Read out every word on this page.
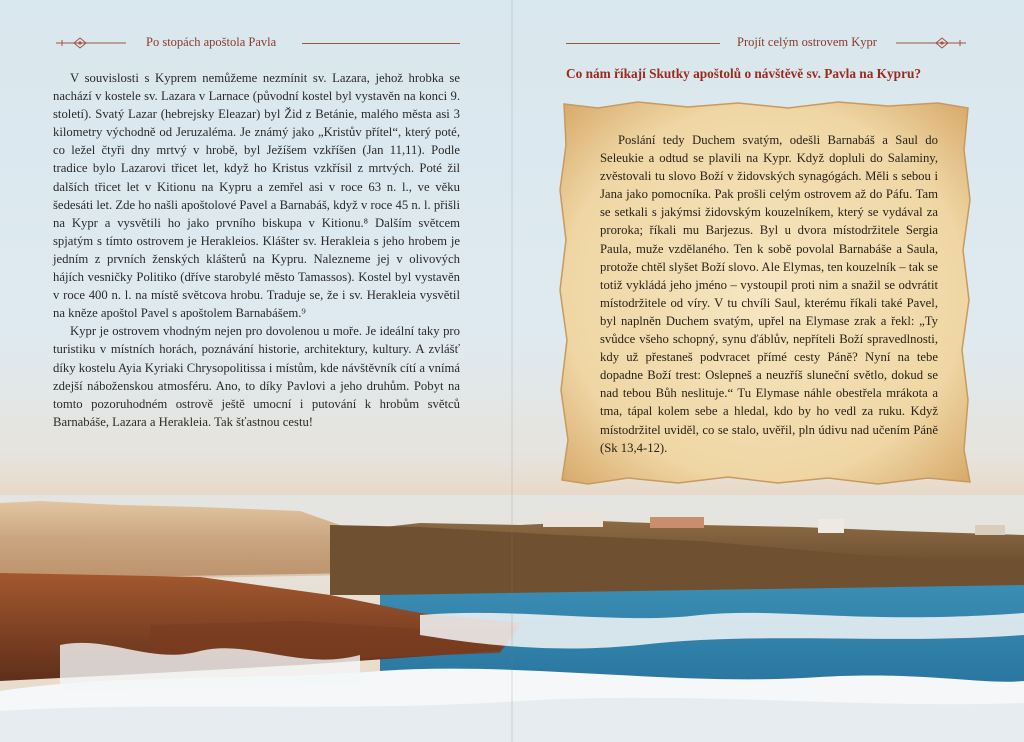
Po stopách apoštola Pavla	Projít celým ostrovem Kypr

V souvislosti s Kyprem nemůžeme nezmínit sv. Lazara, jehož hrobka se nachází v kostele sv. Lazara v Larnace (původní kostel byl vystavěn na konci 9. století). Svatý Lazar (hebrejsky Eleazar) byl Žid z Betánie, malého města asi 3 kilometry východně od Jeruzaléma. Je známý jako „Kristův přítel“, který poté, co ležel čtyři dny mrtvý v hrobě, byl Ježíšem vzkříšen (Jan 11,11). Podle tradice bylo Lazarovi třicet let, když ho Kristus vzkřísil z mrtvých. Poté žil dalších třicet let v Kitionu na Kypru a zemřel asi v roce 63 n. l., ve věku šedesáti let. Zde ho našli apoštolové Pavel a Barnabáš, když v roce 45 n. l. přišli na Kypr a vysvětili ho jako prvního biskupa v Kitionu.⁸ Dalším světcem spjatým s tímto ostrovem je Herakleios. Klášter sv. Herakleia s jeho hrobem je jedním z prvních ženských klášterů na Kypru. Nalezneme jej v olivových hájích vesničky Politiko (dříve starobylé město Tamassos). Kostel byl vystavěn v roce 400 n. l. na místě světcova hrobu. Traduje se, že i sv. Herakleia vysvětil na kněze apoštol Pavel s apoštolem Barnabášem.⁹

Kypr je ostrovem vhodným nejen pro dovolenou u moře. Je ideální taky pro turistiku v místních horách, poznávání historie, architektury, kultury. A zvlášť díky kostelu Ayia Kyriaki Chrysopolitissa i místům, kde návštěvník cítí a vnímá zdejší náboženskou atmosféru. Ano, to díky Pavlovi a jeho druhům. Pobyt na tomto pozoruhodném ostrově ještě umocní i putování k hrobům světců Barnabáše, Lazara a Herakleia. Tak šťastnou cestu!

Co nám říkají Skutky apoštolů o návštěvě sv. Pavla na Kypru?

Poslání tedy Duchem svatým, odešli Barnabáš a Saul do Seleukie a odtud se plavili na Kypr. Když dopluli do Salaminy, zvěstovali tu slovo Boží v židovských synagógách. Měli s sebou i Jana jako pomocníka. Pak prošli celým ostrovem až do Páfu. Tam se setkali s jakýmsi židovským kouzelníkem, který se vydával za proroka; říkali mu Barjezus. Byl u dvora místodržitele Sergia Paula, muže vzdělaného. Ten k sobě povolal Barnabáše a Saula, protože chtěl slyšet Boží slovo. Ale Elymas, ten kouzelník – tak se totiž vykládá jeho jméno – vystoupil proti nim a snažil se odvrátit místodržitele od víry. V tu chvíli Saul, kterému říkali také Pavel, byl naplněn Duchem svatým, upřel na Elymase zrak a řekl: „Ty svůdce všeho schopný, synu ďáblův, nepříteli Boží spravedlnosti, kdy už přestaneš podvracet přímé cesty Páně? Nyní na tebe dopadne Boží trest: Oslepneš a neuzříš sluneční světlo, dokud se nad tebou Bůh neslituje.“ Tu Elymase náhle obestřela mrákota a tma, tápal kolem sebe a hledal, kdo by ho vedl za ruku. Když místodržitel uviděl, co se stalo, uvěřil, pln údivu nad učením Páně (Sk 13,4-12).
